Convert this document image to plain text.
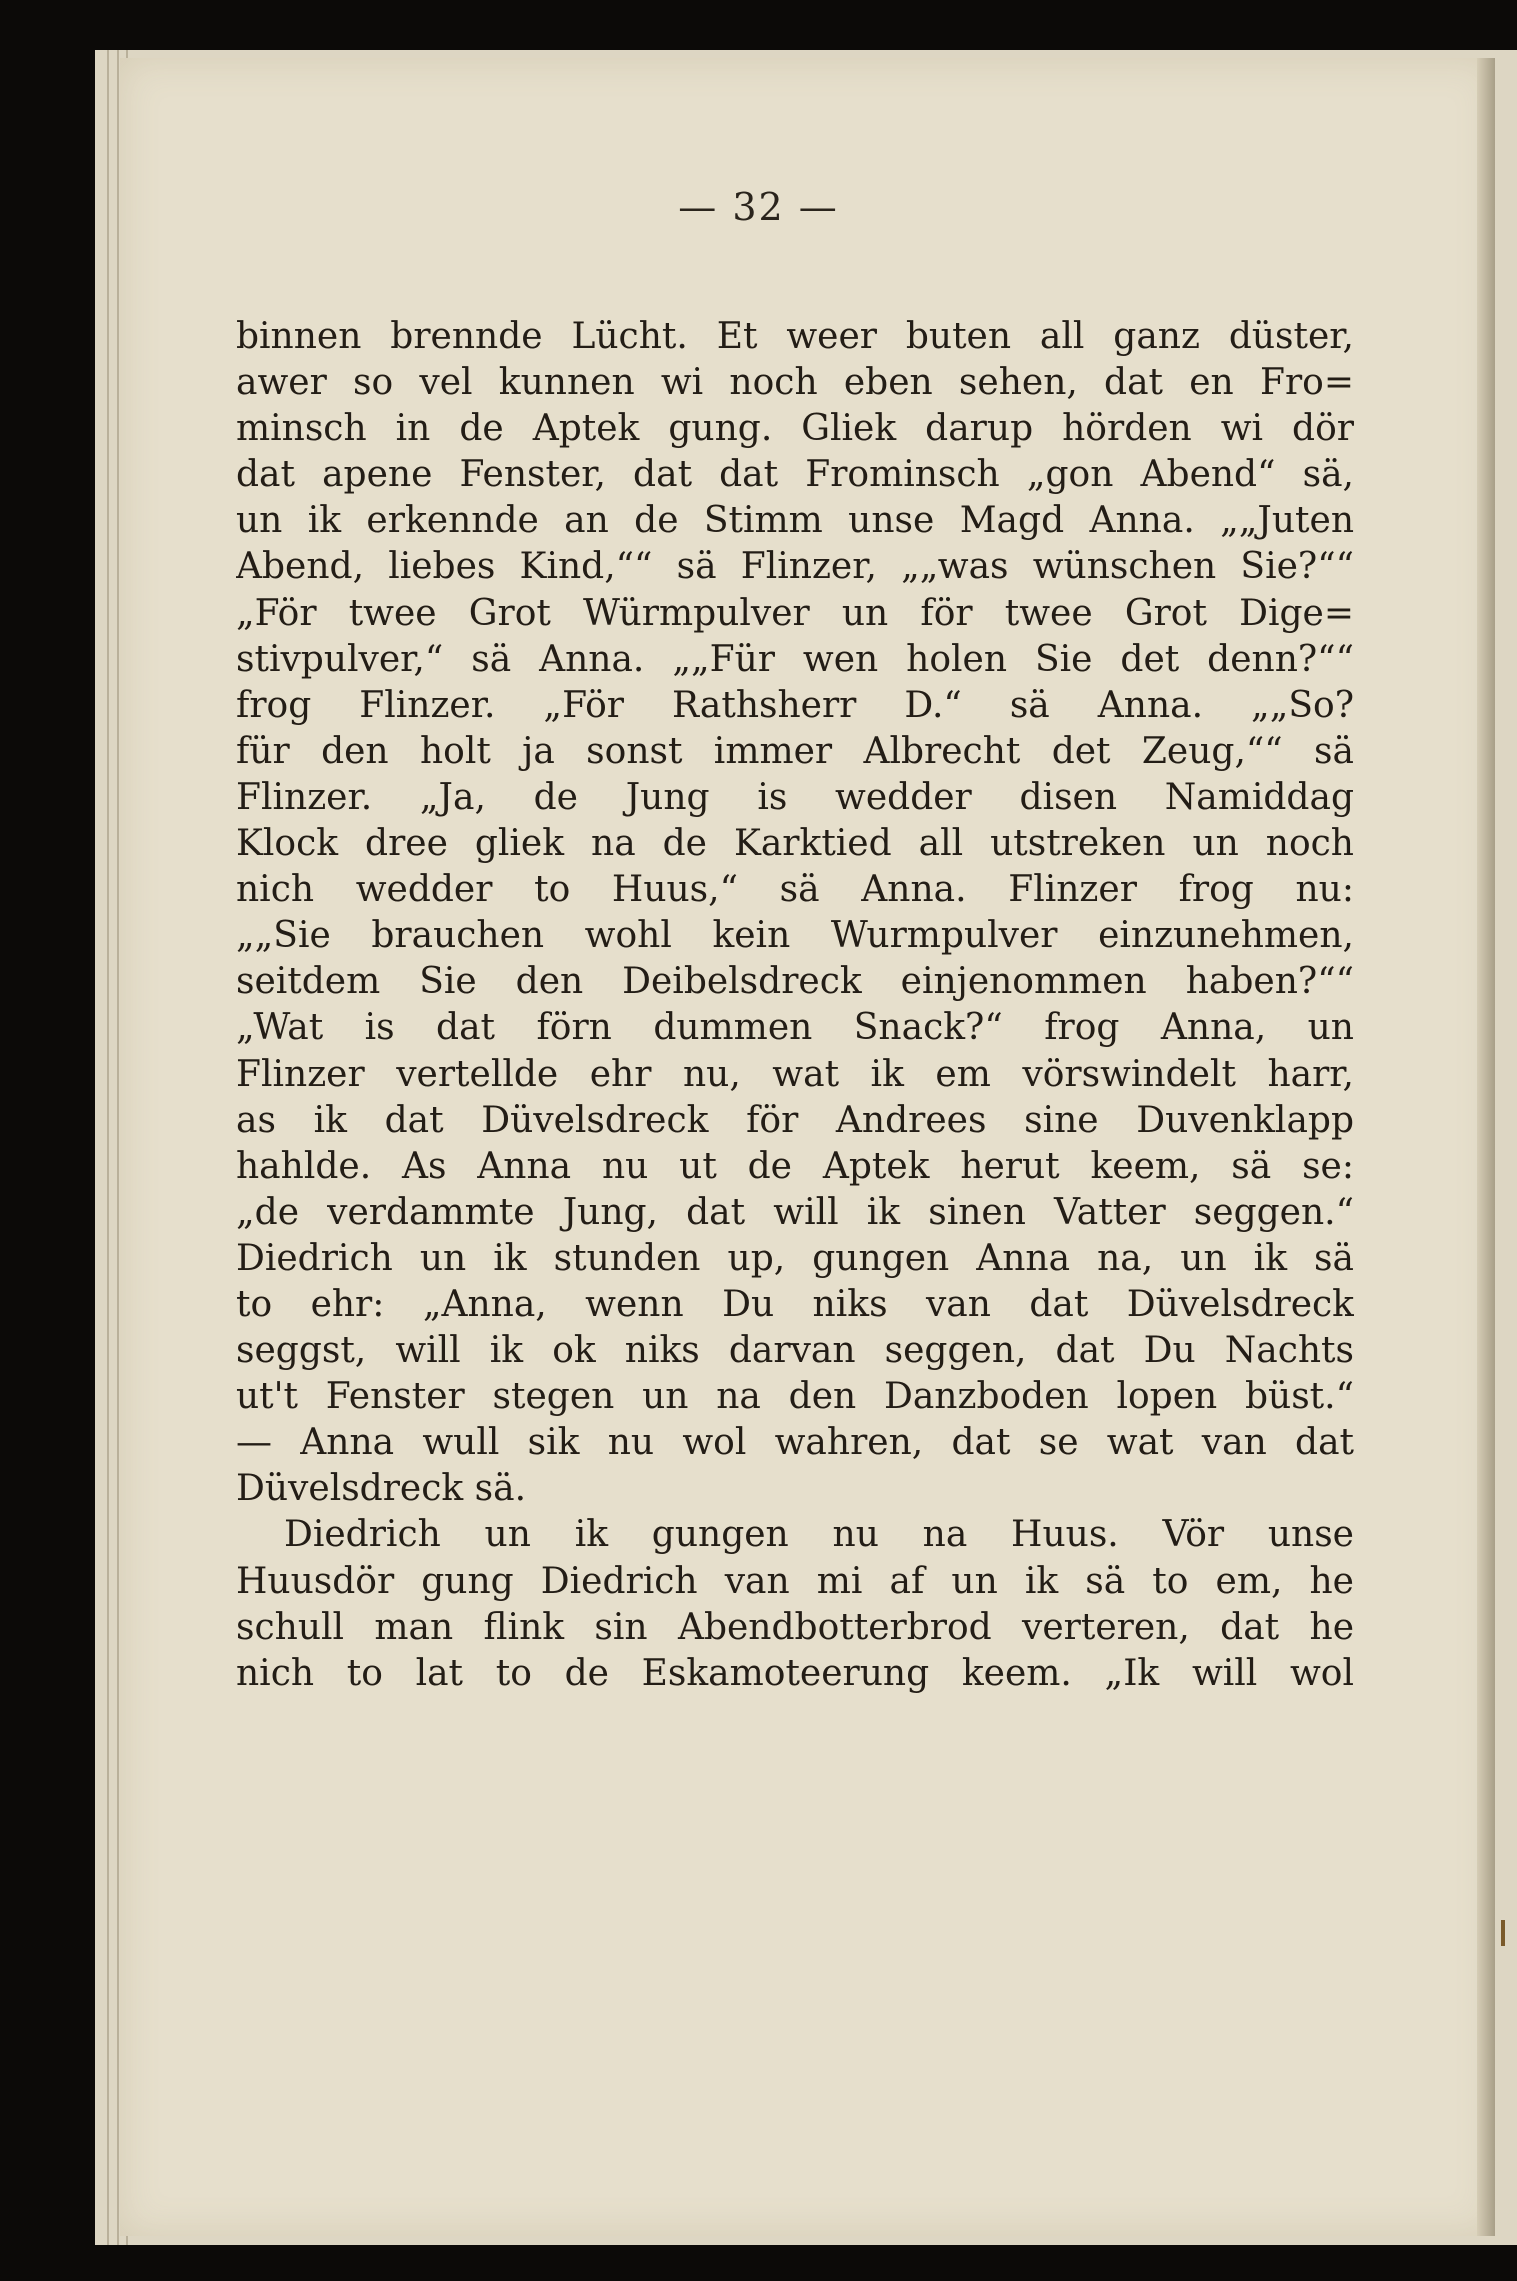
— 32 —
binnen brennde Lücht. Et weer buten all ganz düster,
awer so vel kunnen wi noch eben sehen, dat en Fro=
minsch in de Aptek gung. Gliek darup hörden wi dör
dat apene Fenster, dat dat Frominsch „gon Abend“ sä,
un ik erkennde an de Stimm unse Magd Anna. „„Juten
Abend, liebes Kind,““ sä Flinzer, „„was wünschen Sie?““
„För twee Grot Würmpulver un för twee Grot Dige=
stivpulver,“ sä Anna. „„Für wen holen Sie det denn?““
frog Flinzer. „För Rathsherr D.“ sä Anna. „„So?
für den holt ja sonst immer Albrecht det Zeug,““ sä
Flinzer. „Ja, de Jung is wedder disen Namiddag
Klock dree gliek na de Karktied all utstreken un noch
nich wedder to Huus,“ sä Anna. Flinzer frog nu:
„„Sie brauchen wohl kein Wurmpulver einzunehmen,
seitdem Sie den Deibelsdreck einjenommen haben?““
„Wat is dat förn dummen Snack?“ frog Anna, un
Flinzer vertellde ehr nu, wat ik em vörswindelt harr,
as ik dat Düvelsdreck för Andrees sine Duvenklapp
hahlde. As Anna nu ut de Aptek herut keem, sä se:
„de verdammte Jung, dat will ik sinen Vatter seggen.“
Diedrich un ik stunden up, gungen Anna na, un ik sä
to ehr: „Anna, wenn Du niks van dat Düvelsdreck
seggst, will ik ok niks darvan seggen, dat Du Nachts
ut't Fenster stegen un na den Danzboden lopen büst.“
— Anna wull sik nu wol wahren, dat se wat van dat
Düvelsdreck sä.
Diedrich un ik gungen nu na Huus. Vör unse
Huusdör gung Diedrich van mi af un ik sä to em, he
schull man flink sin Abendbotterbrod verteren, dat he
nich to lat to de Eskamoteerung keem. „Ik will wol
